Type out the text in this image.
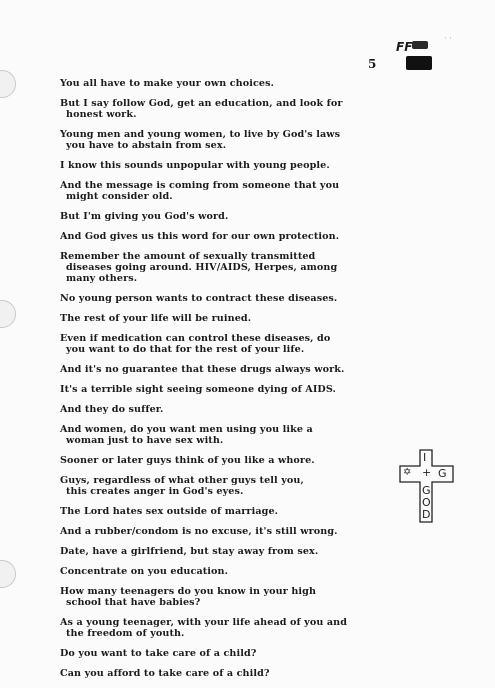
FF
· ·
5
You all have to make your own choices.
But I say follow God, get an education, and look for
honest work.
Young men and young women, to live by God's laws
you have to abstain from sex.
I know this sounds unpopular with young people.
And the message is coming from someone that you
might consider old.
But I'm giving you God's word.
And God gives us this word for our own protection.
Remember the amount of sexually transmitted
diseases going around. HIV/AIDS, Herpes, among
many others.
No young person wants to contract these diseases.
The rest of your life will be ruined.
Even if medication can control these diseases, do
you want to do that for the rest of your life.
And it's no guarantee that these drugs always work.
It's a terrible sight seeing someone dying of AIDS.
And they do suffer.
And women, do you want men using you like a
woman just to have sex with.
Sooner or later guys think of you like a whore.
Guys, regardless of what other guys tell you,
this creates anger in God's eyes.
The Lord hates sex outside of marriage.
And a rubber/condom is no excuse, it's still wrong.
Date, have a girlfriend, but stay away from sex.
Concentrate on you education.
How many teenagers do you know in your high
school that have babies?
As a young teenager, with your life ahead of you and
the freedom of youth.
Do you want to take care of a child?
Can you afford to take care of a child?
I
✡ + G
G
O
D
